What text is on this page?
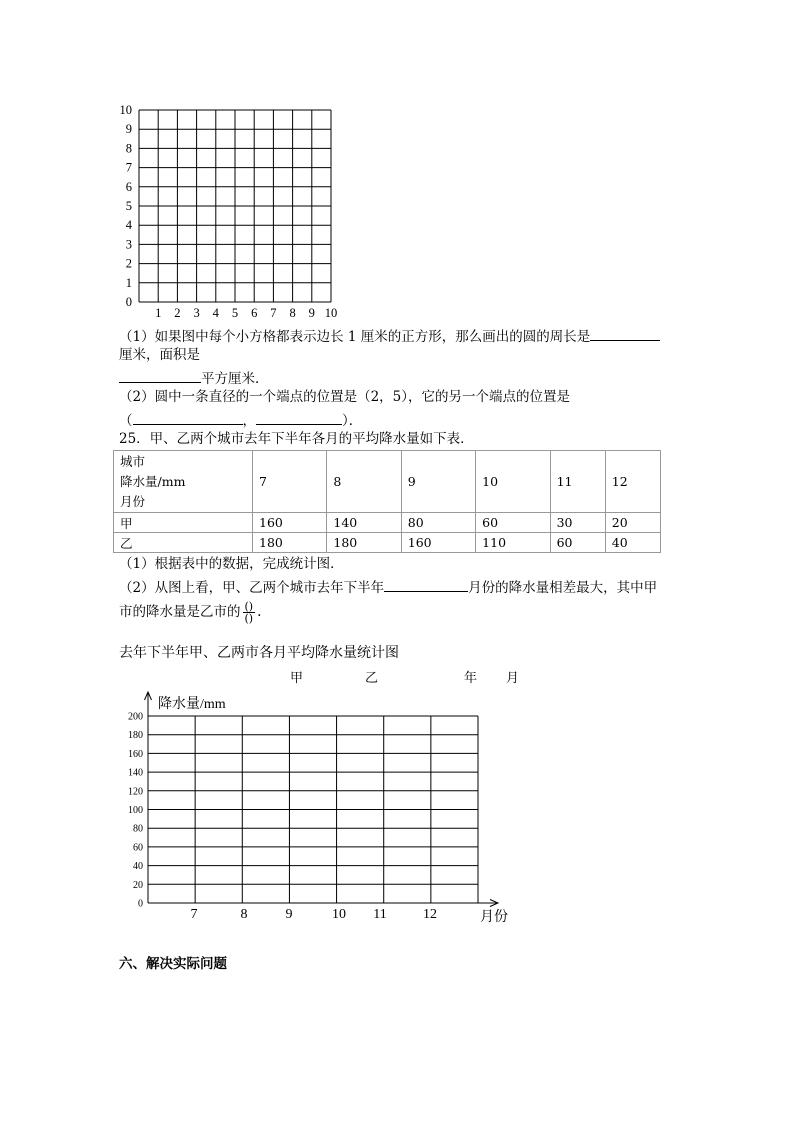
10
9
8
7
6
5
4
3
2
1
0
1 2 3 4 5 6 7 8 9 10
（1）如果图中每个小方格都表示边长 1 厘米的正方形，那么画出的圆的周长是
厘米，面积是
平方厘米．
（2）圆中一条直径的一个端点的位置是（2，5），它的另一个端点的位置是
（	，	）．
25．甲、乙两个城市去年下半年各月的平均降水量如下表．
城市
降水量/mm
月份	7	8	9	10	11	12
甲	160	140	80	60	30	20
乙	180	180	160	110	60	40
（1）根据表中的数据，完成统计图．
（2）从图上看，甲、乙两个城市去年下半年	月份的降水量相差最大，其中甲
市的降水量是乙市的 $\frac{()}{()}$ .
去年下半年甲、乙两市各月平均降水量统计图
甲	乙	年 月
200
180
160
140
120
100
80
60
40
20
0
7	8	9	10 11	12
降水量/mm
月份
六、解决实际问题
